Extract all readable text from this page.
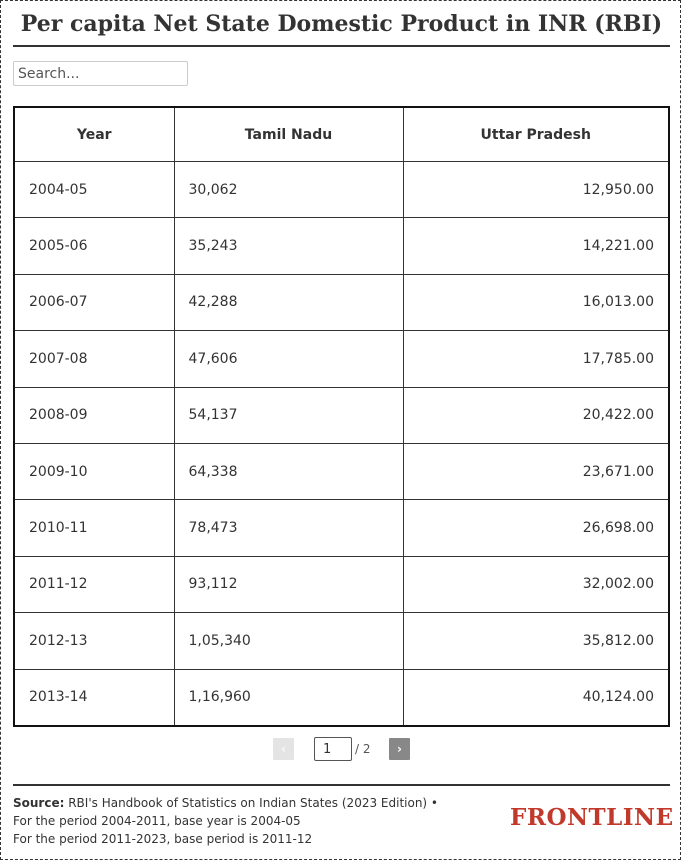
Per capita Net State Domestic Product in INR (RBI)
Search...
Year	Tamil Nadu	Uttar Pradesh
2004-05	30,062	12,950.00
2005-06	35,243	14,221.00
2006-07	42,288	16,013.00
2007-08	47,606	17,785.00
2008-09	54,137	20,422.00
2009-10	64,338	23,671.00
2010-11	78,473	26,698.00
2011-12	93,112	32,002.00
2012-13	1,05,340	35,812.00
2013-14	1,16,960	40,124.00
‹
1	/ 2	›
Source: RBI's Handbook of Statistics on Indian States (2023 Edition) •
For the period 2004-2011, base year is 2004-05
For the period 2011-2023, base period is 2011-12
FRONTLINE
